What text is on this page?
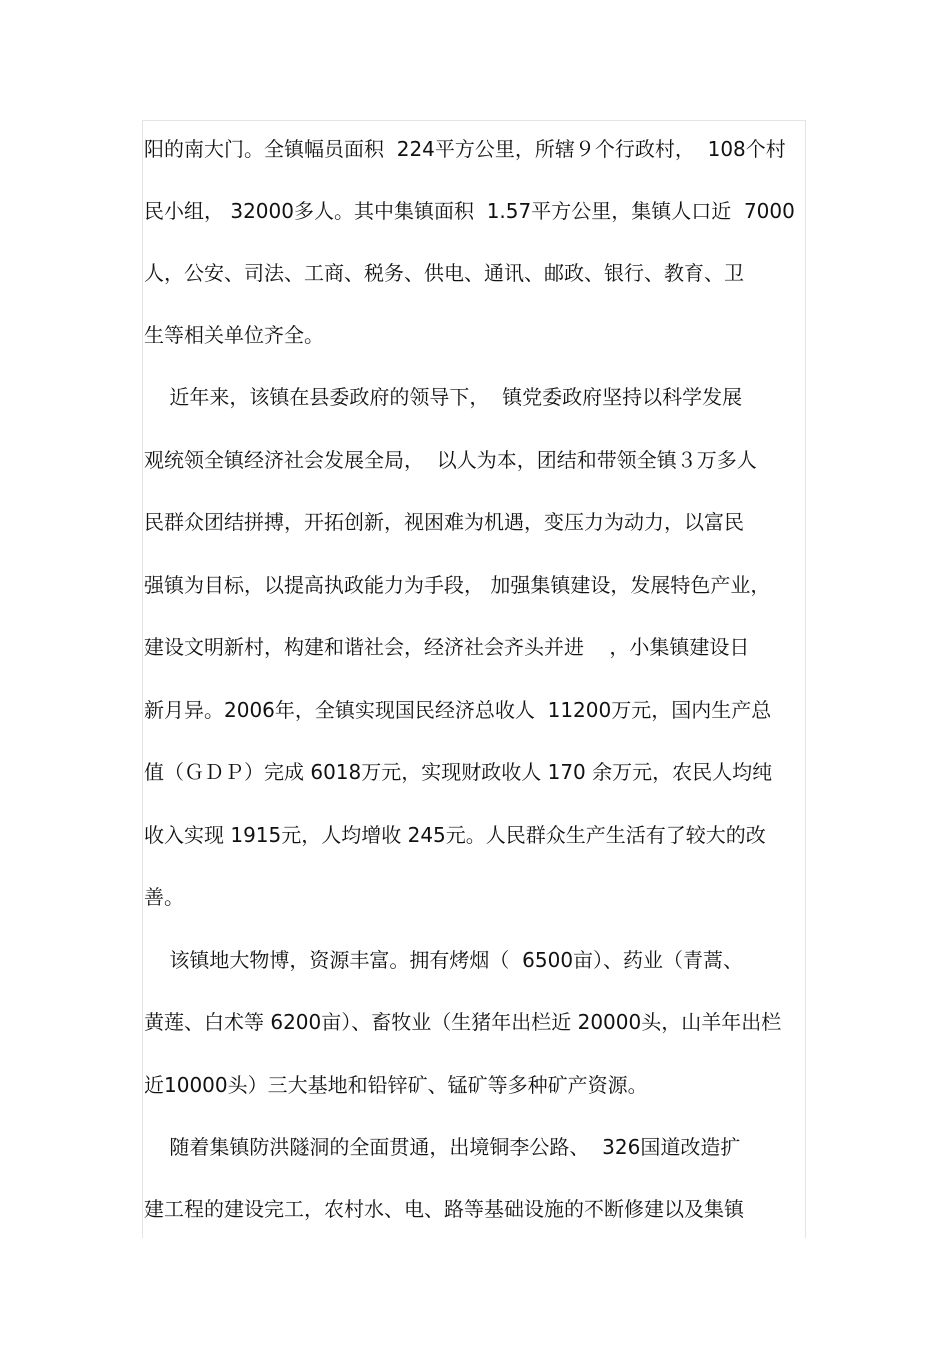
阳的南大门。全镇幅员面积  224平方公里，所辖９个行政村，  108个村
民小组， 32000多人。其中集镇面积  1.57平方公里，集镇人口近  7000
人，公安、司法、工商、税务、供电、通讯、邮政、银行、教育、卫
生等相关单位齐全。
近年来，该镇在县委政府的领导下，  镇党委政府坚持以科学发展
观统领全镇经济社会发展全局，  以人为本，团结和带领全镇３万多人
民群众团结拼搏，开拓创新，视困难为机遇，变压力为动力，以富民
强镇为目标，以提高执政能力为手段， 加强集镇建设，发展特色产业，
建设文明新村，构建和谐社会，经济社会齐头并进    ，小集镇建设日
新月异。2006年，全镇实现国民经济总收人  11200万元，国内生产总
值（ＧＤＰ）完成 6018万元，实现财政收人 170 余万元，农民人均纯
收入实现 1915元，人均增收 245元。人民群众生产生活有了较大的改
善。
该镇地大物博，资源丰富。拥有烤烟（  6500亩）、药业（青蒿、
黄莲、白术等 6200亩）、畜牧业（生猪年出栏近 20000头，山羊年出栏
近10000头）三大基地和铅锌矿、锰矿等多种矿产资源。
随着集镇防洪隧洞的全面贯通，出境铜李公路、  326国道改造扩
建工程的建设完工，农村水、电、路等基础设施的不断修建以及集镇
